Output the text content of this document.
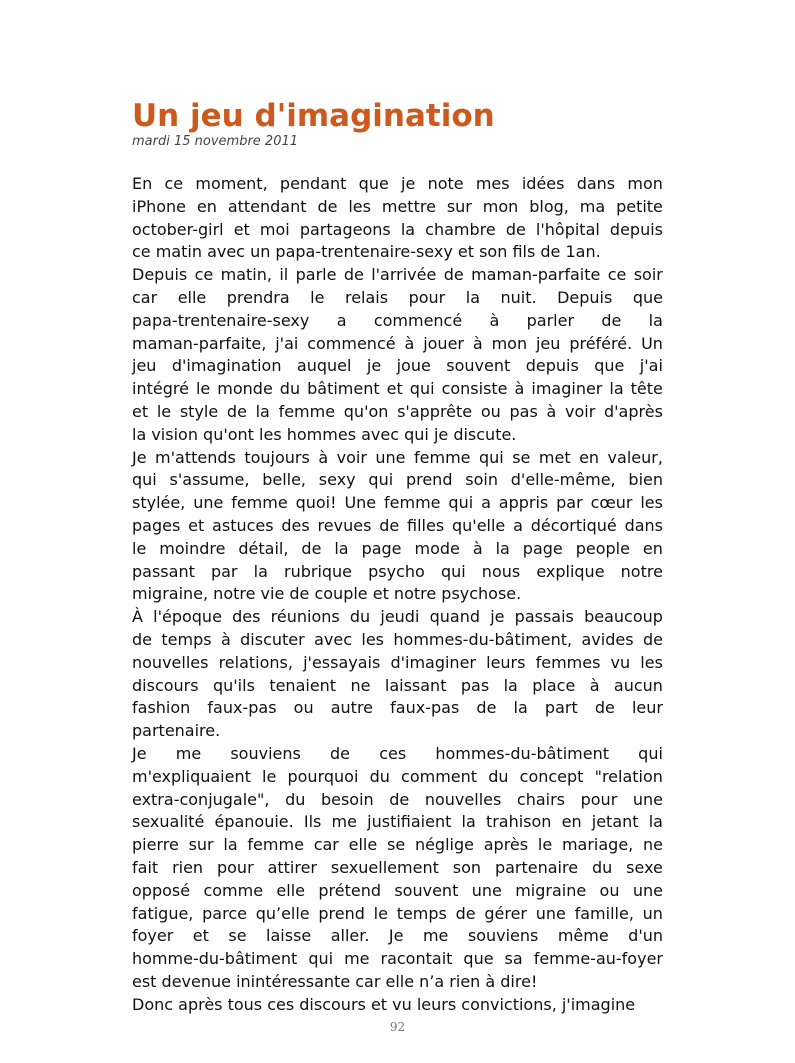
Un jeu d'imagination
mardi 15 novembre 2011
En ce moment, pendant que je note mes idées dans mon
iPhone en attendant de les mettre sur mon blog, ma petite
october-girl et moi partageons la chambre de l'hôpital depuis
ce matin avec un papa-trentenaire-sexy et son fils de 1an.
Depuis ce matin, il parle de l'arrivée de maman-parfaite ce soir
car elle prendra le relais pour la nuit. Depuis que
papa-trentenaire-sexy a commencé à parler de la
maman-parfaite, j'ai commencé à jouer à mon jeu préféré. Un
jeu d'imagination auquel je joue souvent depuis que j'ai
intégré le monde du bâtiment et qui consiste à imaginer la tête
et le style de la femme qu'on s'apprête ou pas à voir d'après
la vision qu'ont les hommes avec qui je discute.
Je m'attends toujours à voir une femme qui se met en valeur,
qui s'assume, belle, sexy qui prend soin d'elle-même, bien
stylée, une femme quoi! Une femme qui a appris par cœur les
pages et astuces des revues de filles qu'elle a décortiqué dans
le moindre détail, de la page mode à la page people en
passant par la rubrique psycho qui nous explique notre
migraine, notre vie de couple et notre psychose.
À l'époque des réunions du jeudi quand je passais beaucoup
de temps à discuter avec les hommes-du-bâtiment, avides de
nouvelles relations, j'essayais d'imaginer leurs femmes vu les
discours qu'ils tenaient ne laissant pas la place à aucun
fashion faux-pas ou autre faux-pas de la part de leur
partenaire.
Je me souviens de ces hommes-du-bâtiment qui
m'expliquaient le pourquoi du comment du concept "relation
extra-conjugale", du besoin de nouvelles chairs pour une
sexualité épanouie. Ils me justifiaient la trahison en jetant la
pierre sur la femme car elle se néglige après le mariage, ne
fait rien pour attirer sexuellement son partenaire du sexe
opposé comme elle prétend souvent une migraine ou une
fatigue, parce qu’elle prend le temps de gérer une famille, un
foyer et se laisse aller. Je me souviens même d'un
homme-du-bâtiment qui me racontait que sa femme-au-foyer
est devenue inintéressante car elle n’a rien à dire!
Donc après tous ces discours et vu leurs convictions, j'imagine
92
